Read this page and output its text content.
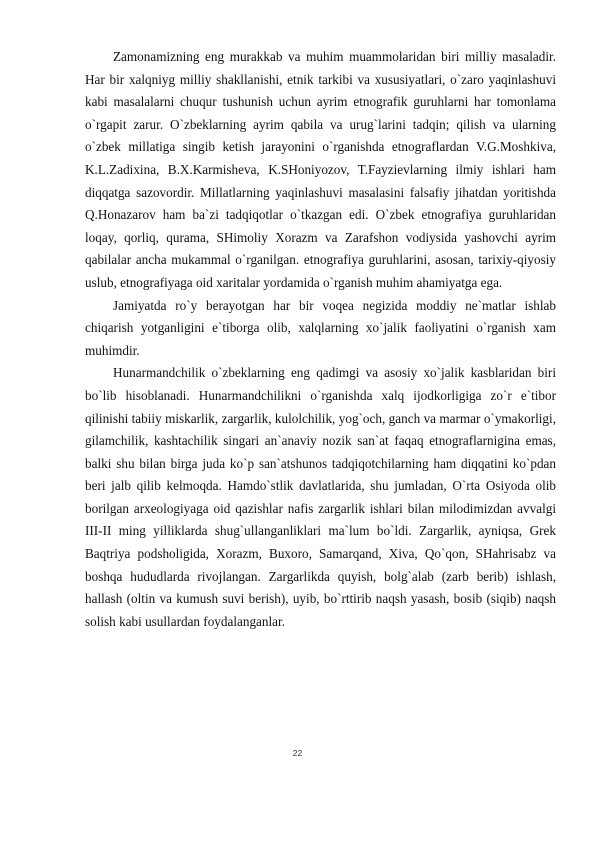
Zamonamizning eng murakkab va muhim muammolaridan biri milliy masaladir. Har bir xalqniyg milliy shakllanishi, etnik tarkibi va xususiyatlari, o`zaro yaqinlashuvi kabi masalalarni chuqur tushunish uchun ayrim etnografik guruhlarni har tomonlama o`rgapit zarur. O`zbeklarning ayrim qabila va urug`larini tadqin; qilish va ularning o`zbek millatiga singib ketish jarayonini o`rganishda etnograflardan V.G.Moshkiva, K.L.Zadixina, B.X.Karmisheva, K.SHoniyozov, T.Fayzievlarning ilmiy ishlari ham diqqatga sazovordir. Millatlarning yaqinlashuvi masalasini falsafiy jihatdan yoritishda Q.Honazarov ham ba`zi tadqiqotlar o`tkazgan edi. O`zbek etnografiya guruhlaridan loqay, qorliq, qurama, SHimoliy Xorazm va Zarafshon vodiysida yashovchi ayrim qabilalar ancha mukammal o`rganilgan. etnografiya guruhlarini, asosan, tarixiy-qiyosiy uslub, etnografiyaga oid xaritalar yordamida o`rganish muhim ahamiyatga ega.

Jamiyatda ro`y berayotgan har bir voqea negizida moddiy ne`matlar ishlab chiqarish yotganligini e`tiborga olib, xalqlarning xo`jalik faoliyatini o`rganish xam muhimdir.

Hunarmandchilik o`zbeklarning eng qadimgi va asosiy xo`jalik kasblaridan biri bo`lib hisoblanadi. Hunarmandchilikni o`rganishda xalq ijodkorligiga zo`r e`tibor qilinishi tabiiy miskarlik, zargarlik, kulolchilik, yog`och, ganch va marmar o`ymakorligi, gilamchilik, kashtachilik singari an`anaviy nozik san`at faqaq etnograflarnigina emas, balki shu bilan birga juda ko`p san`atshunos tadqiqotchilarning ham diqqatini ko`pdan beri jalb qilib kelmoqda. Hamdo`stlik davlatlarida, shu jumladan, O`rta Osiyoda olib borilgan arxeologiyaga oid qazishlar nafis zargarlik ishlari bilan milodimizdan avvalgi III-II ming yilliklarda shug`ullanganliklari ma`lum bo`ldi. Zargarlik, ayniqsa, Grek Baqtriya podsholigida, Xorazm, Buxoro, Samarqand, Xiva, Qo`qon, SHahrisabz va boshqa hududlarda rivojlangan. Zargarlikda quyish, bolg`alab (zarb berib) ishlash, hallash (oltin va kumush suvi berish), uyib, bo`rttirib naqsh yasash, bosib (siqib) naqsh solish kabi usullardan foydalanganlar.

22
